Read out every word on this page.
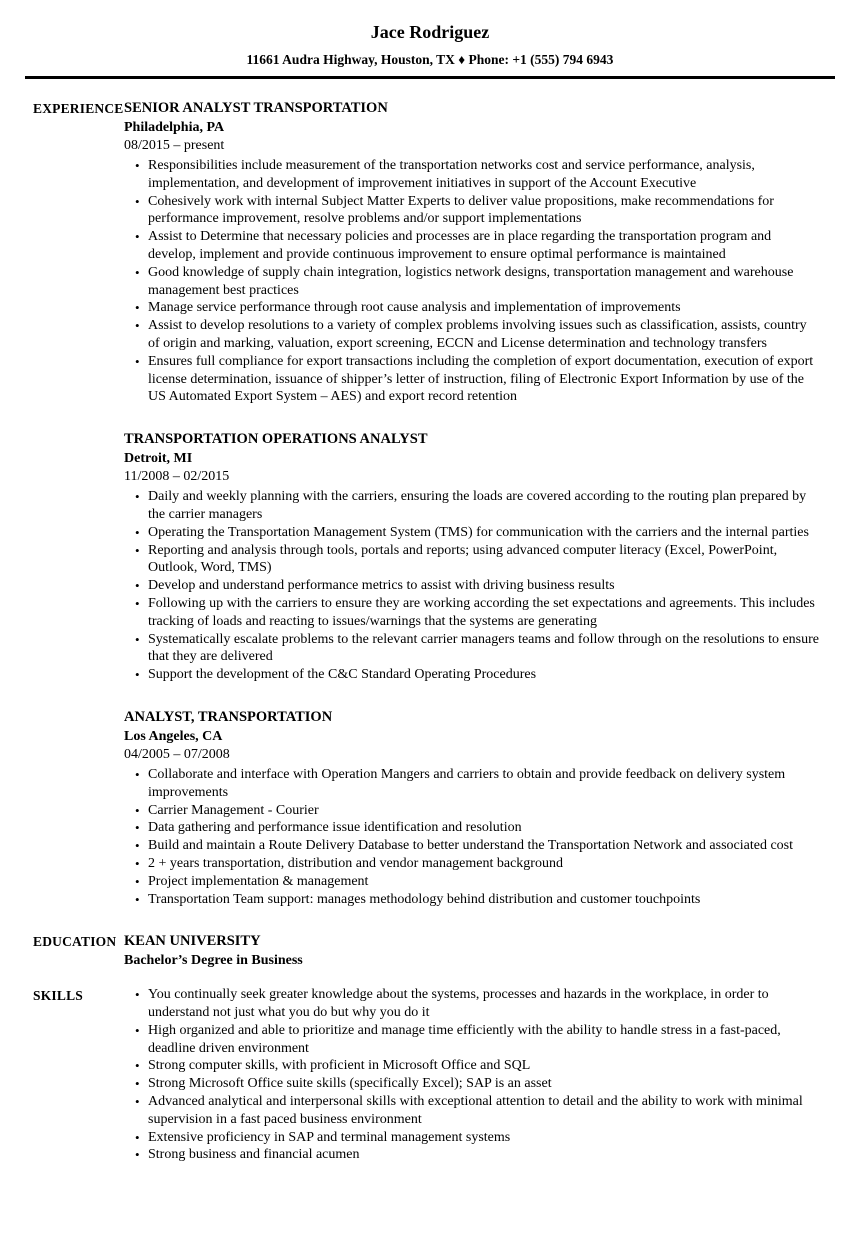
Jace Rodriguez
11661 Audra Highway, Houston, TX ♦ Phone: +1 (555) 794 6943
EXPERIENCE SENIOR ANALYST TRANSPORTATION
Philadelphia, PA
08/2015 – present
• Responsibilities include measurement of the transportation networks cost and service performance, analysis, implementation, and development of improvement initiatives in support of the Account Executive
• Cohesively work with internal Subject Matter Experts to deliver value propositions, make recommendations for performance improvement, resolve problems and/or support implementations
• Assist to Determine that necessary policies and processes are in place regarding the transportation program and develop, implement and provide continuous improvement to ensure optimal performance is maintained
• Good knowledge of supply chain integration, logistics network designs, transportation management and warehouse management best practices
• Manage service performance through root cause analysis and implementation of improvements
• Assist to develop resolutions to a variety of complex problems involving issues such as classification, assists, country of origin and marking, valuation, export screening, ECCN and License determination and technology transfers
• Ensures full compliance for export transactions including the completion of export documentation, execution of export license determination, issuance of shipper’s letter of instruction, filing of Electronic Export Information by use of the US Automated Export System – AES) and export record retention
TRANSPORTATION OPERATIONS ANALYST
Detroit, MI
11/2008 – 02/2015
• Daily and weekly planning with the carriers, ensuring the loads are covered according to the routing plan prepared by the carrier managers
• Operating the Transportation Management System (TMS) for communication with the carriers and the internal parties
• Reporting and analysis through tools, portals and reports; using advanced computer literacy (Excel, PowerPoint, Outlook, Word, TMS)
• Develop and understand performance metrics to assist with driving business results
• Following up with the carriers to ensure they are working according the set expectations and agreements. This includes tracking of loads and reacting to issues/warnings that the systems are generating
• Systematically escalate problems to the relevant carrier managers teams and follow through on the resolutions to ensure that they are delivered
• Support the development of the C&C Standard Operating Procedures
ANALYST, TRANSPORTATION
Los Angeles, CA
04/2005 – 07/2008
• Collaborate and interface with Operation Mangers and carriers to obtain and provide feedback on delivery system improvements
• Carrier Management - Courier
• Data gathering and performance issue identification and resolution
• Build and maintain a Route Delivery Database to better understand the Transportation Network and associated cost
• 2 + years transportation, distribution and vendor management background
• Project implementation & management
• Transportation Team support: manages methodology behind distribution and customer touchpoints
EDUCATION KEAN UNIVERSITY
Bachelor’s Degree in Business
SKILLS	• You continually seek greater knowledge about the systems, processes and hazards in the workplace, in order to understand not just what you do but why you do it
• High organized and able to prioritize and manage time efficiently with the ability to handle stress in a fast-paced, deadline driven environment
• Strong computer skills, with proficient in Microsoft Office and SQL
• Strong Microsoft Office suite skills (specifically Excel); SAP is an asset
• Advanced analytical and interpersonal skills with exceptional attention to detail and the ability to work with minimal supervision in a fast paced business environment
• Extensive proficiency in SAP and terminal management systems
• Strong business and financial acumen
